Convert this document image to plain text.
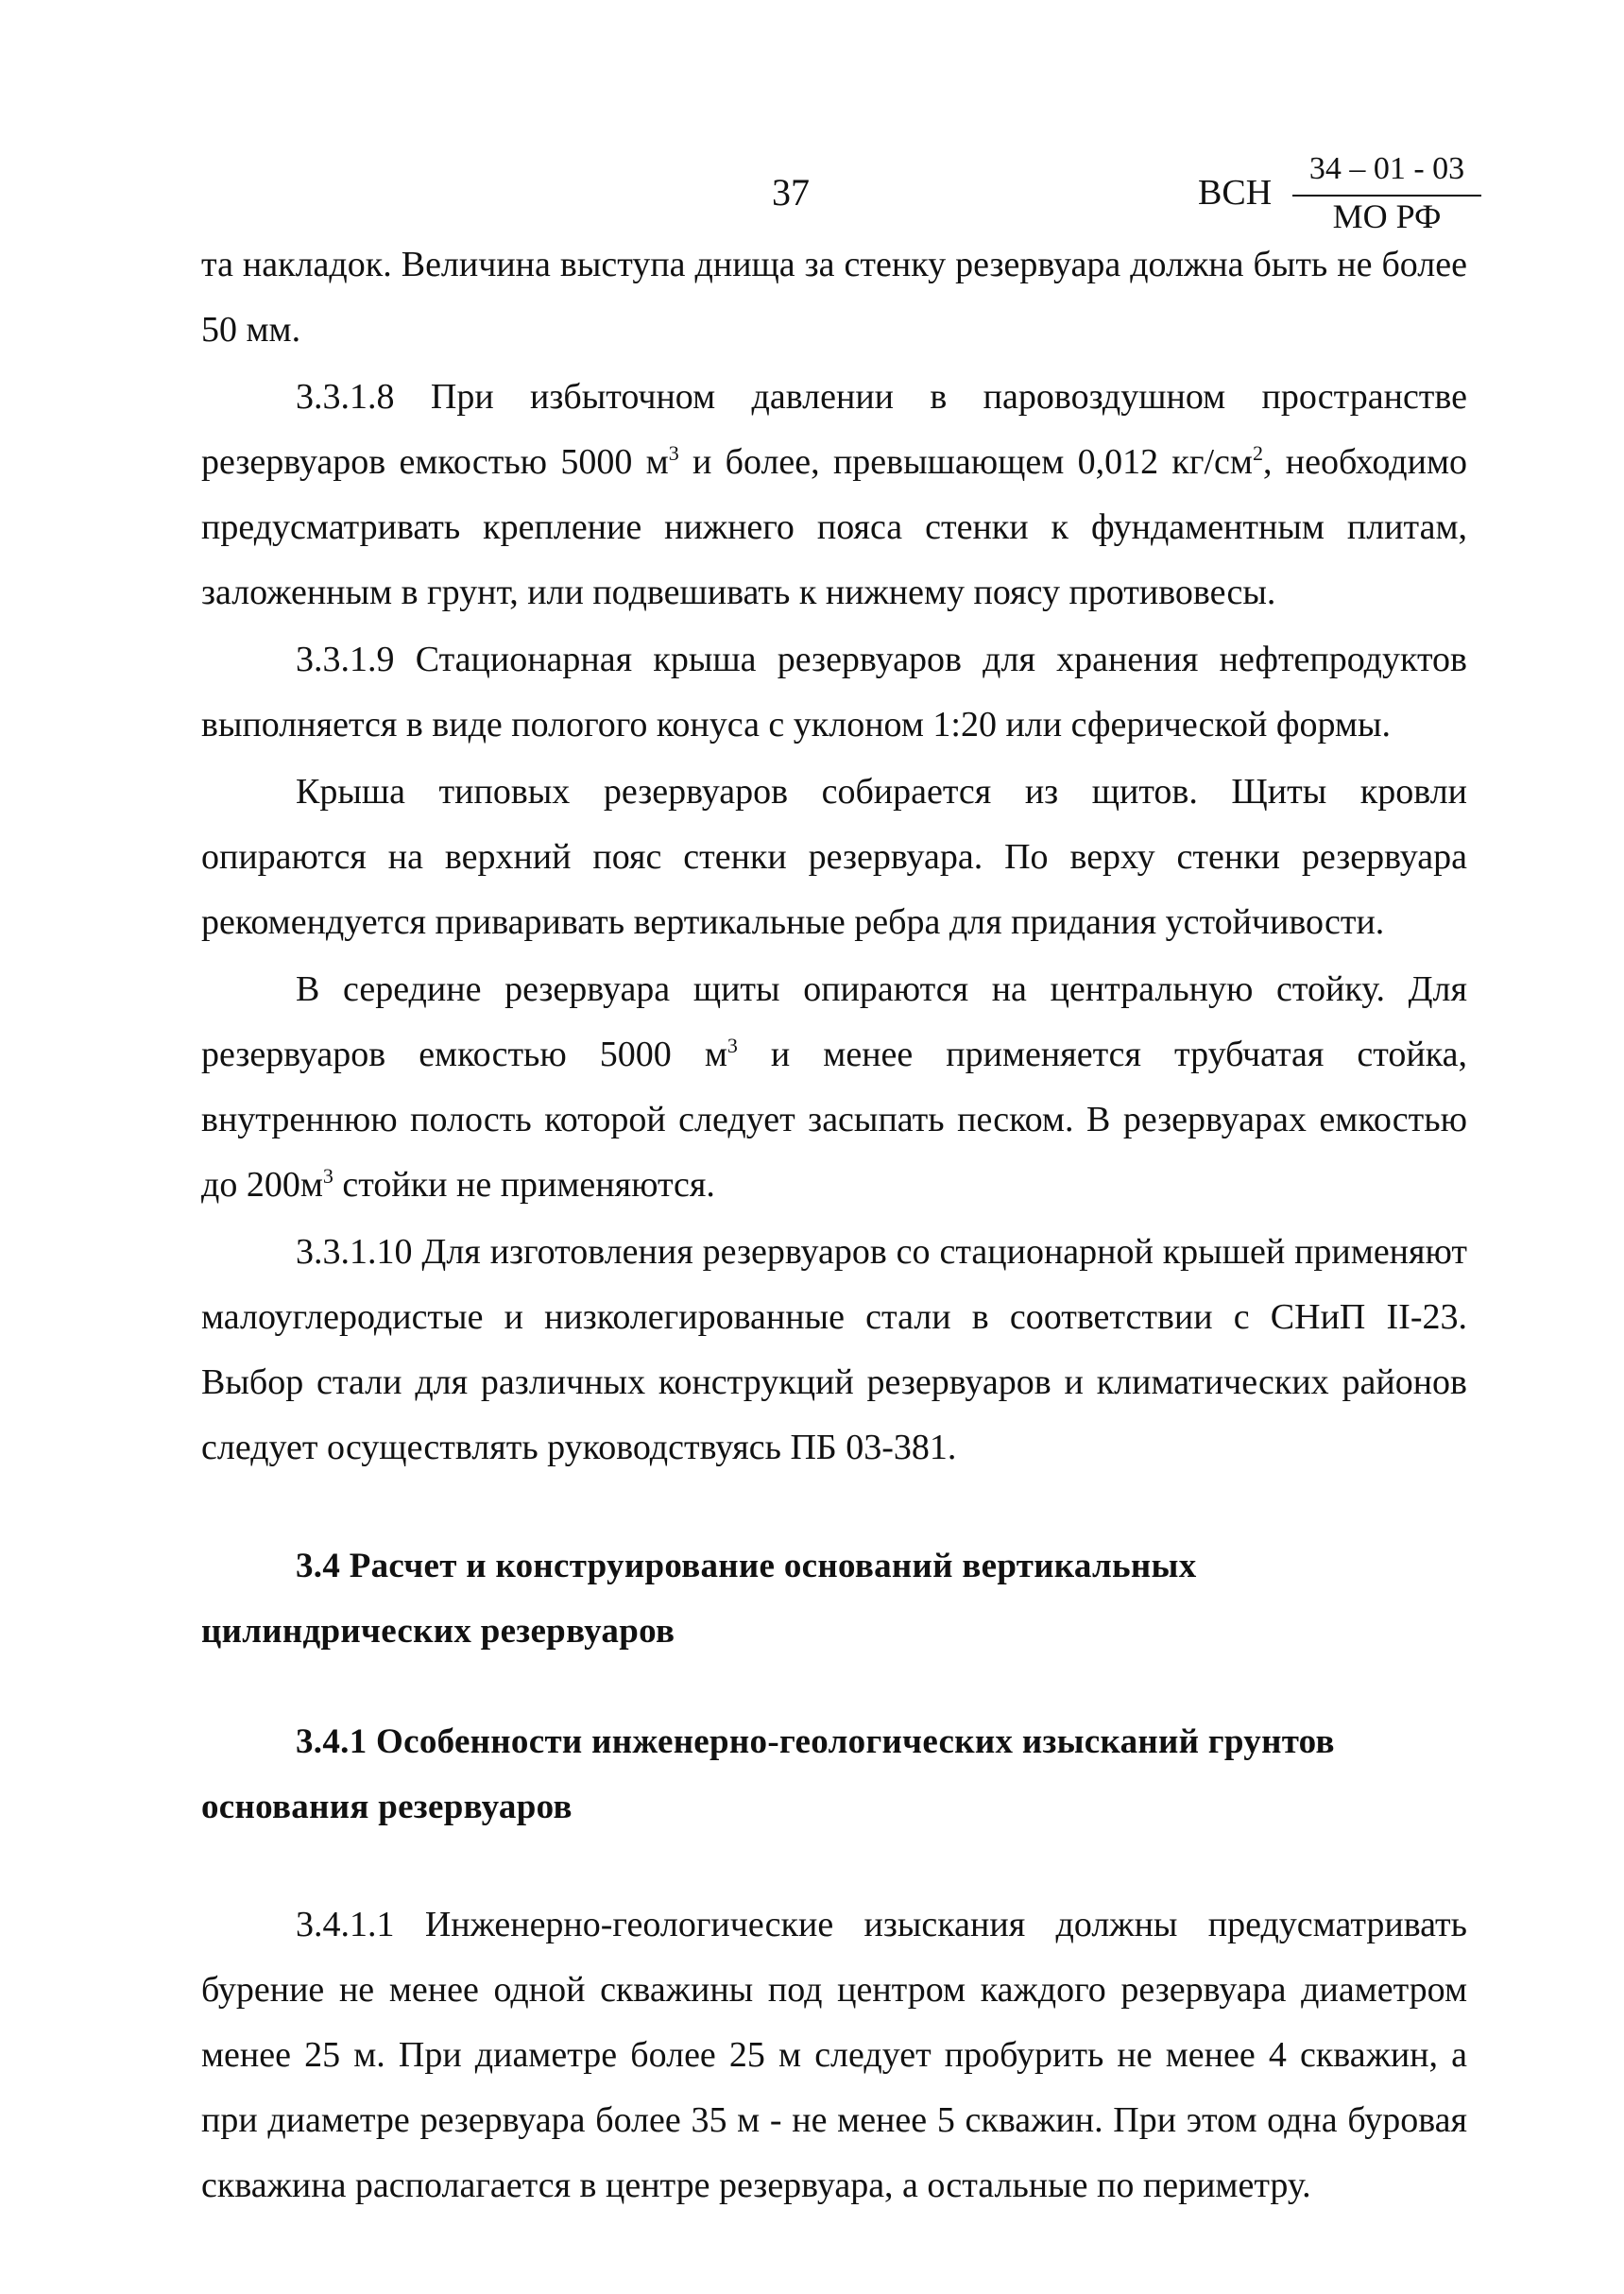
37	ВСН
34 – 01 - 03
МО РФ

та накладок. Величина выступа днища за стенку резервуара должна быть не более 50 мм.

3.3.1.8 При избыточном давлении в паровоздушном пространстве резервуаров емкостью 5000 $м^3$ и более, превышающем 0,012 $кг/см^2$, необходимо предусматривать крепление нижнего пояса стенки к фундаментным плитам, заложенным в грунт, или подвешивать к нижнему поясу противовесы.

3.3.1.9 Стационарная крыша резервуаров для хранения нефтепродуктов выполняется в виде пологого конуса с уклоном 1:20 или сферической формы.

Крыша типовых резервуаров собирается из щитов. Щиты кровли опираются на верхний пояс стенки резервуара. По верху стенки резервуара рекомендуется приваривать вертикальные ребра для придания устойчивости.

В середине резервуара щиты опираются на центральную стойку. Для резервуаров емкостью 5000 $м^3$ и менее применяется трубчатая стойка, внутреннюю полость которой следует засыпать песком. В резервуарах емкостью до $200м^3$ стойки не применяются.

3.3.1.10 Для изготовления резервуаров со стационарной крышей применяют малоуглеродистые и низколегированные стали в соответствии с СНиП II-23. Выбор стали для различных конструкций резервуаров и климатических районов следует осуществлять руководствуясь ПБ 03-381.

3.4 Расчет и конструирование оснований вертикальных цилиндрических резервуаров
3.4.1 Особенности инженерно-геологических изысканий грунтов основания резервуаров

3.4.1.1 Инженерно-геологические изыскания должны предусматривать бурение не менее одной скважины под центром каждого резервуара диаметром менее 25 м. При диаметре более 25 м следует пробурить не менее 4 скважин, а при диаметре резервуара более 35 м - не менее 5 скважин. При этом одна буровая скважина располагается в центре резервуара, а остальные по периметру.
